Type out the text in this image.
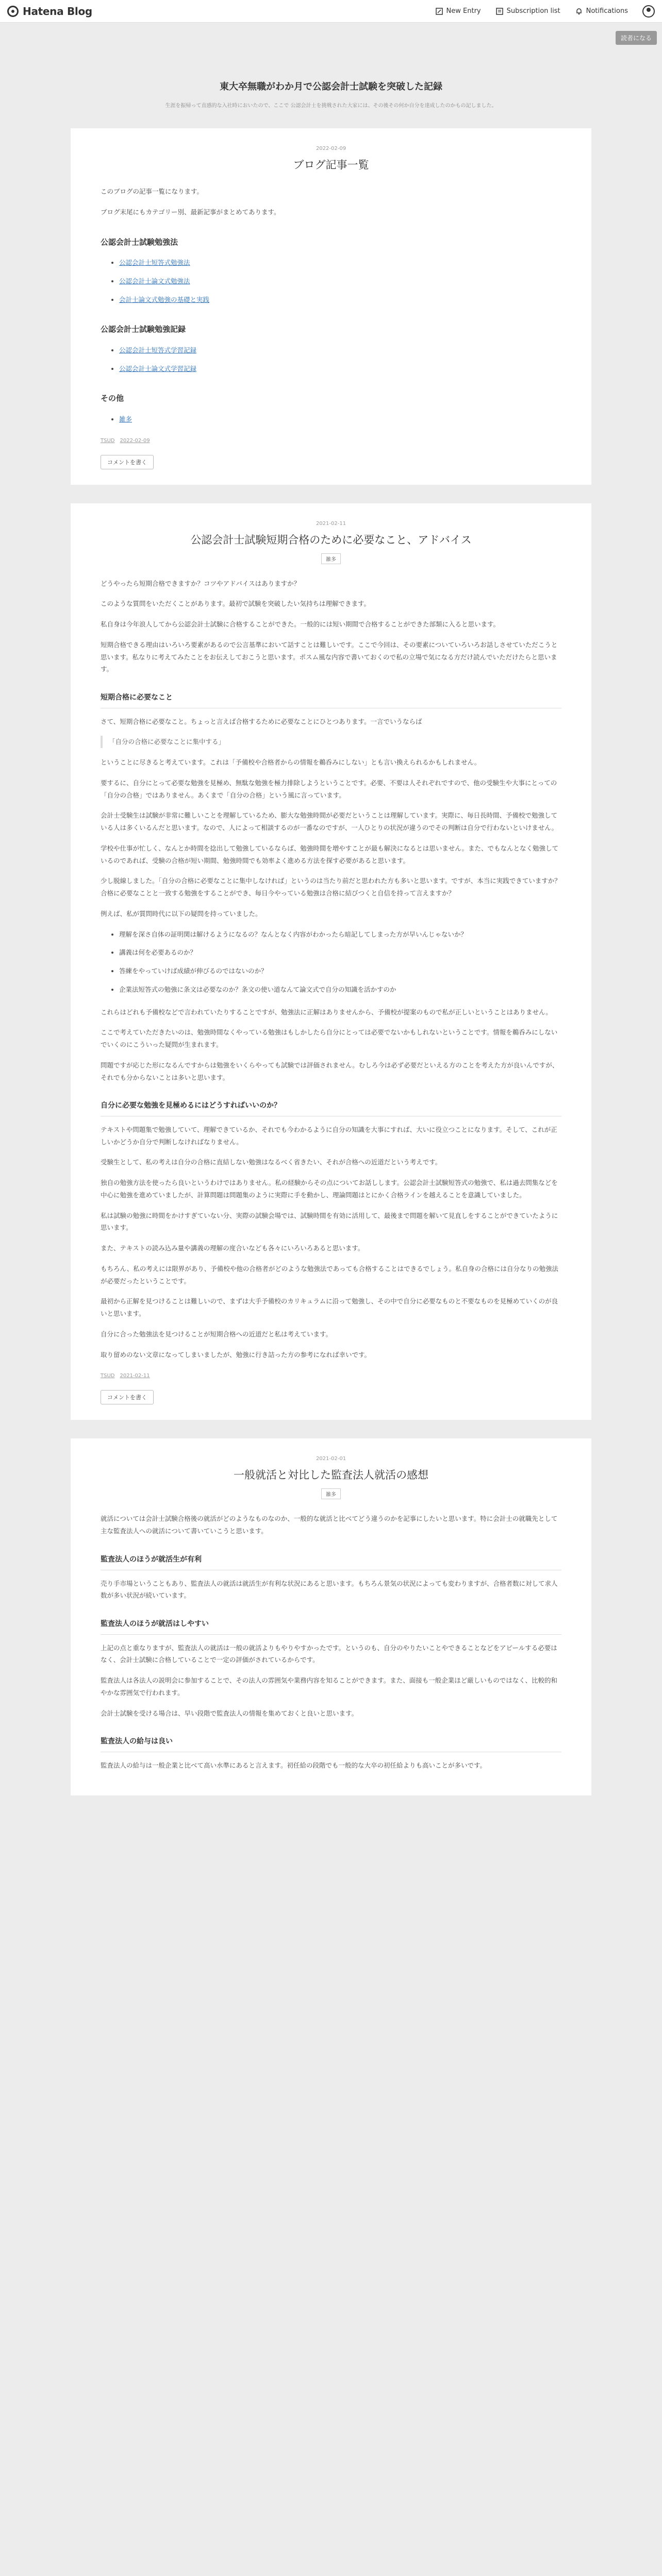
Hatena Blog	New Entry	Subscription list	Notifications
読者になる
東大卒無職がわか月で公認会計士試験を突破した記録
生涯を振帰って直感的な入社時においたので、ここで 公認会計士を挑戦された大家には、その後その何か自分を達成したのかもの記しました。
2022-02-09
ブログ記事一覧

このブログの記事一覧になります。

ブログ末尾にもカテゴリー別、最新記事がまとめてあります。

公認会計士試験勉強法
• 公認会計士短答式勉強法
• 公認会計士論文式勉強法
• 会計士論文式勉強の基礎と実践
公認会計士試験勉強記録
• 公認会計士短答式学習記録
• 公認会計士論文式学習記録
その他
• 雑多
TSUD 2022-02-09
コメントを書く
2021-02-11
公認会計士試験短期合格のために必要なこと、アドバイス
雑多

どうやったら短期合格できますか？コツやアドバイスはありますか？

このような質問をいただくことがあります。最初で試験を突破したい気持ちは理解できます。

私自身は今年浪人してから公認会計士試験に合格することができた。一般的には短い期間で合格することができた部類に入ると思います。

短期合格できる理由はいろいろ要素があるので公言基準において話すことは難しいです。ここで今回は、その要素についていろいろお話しさせていただこうと思います。私なりに考えてみたことをお伝えしておこうと思います。ポスム風な内容で書いておくので私の立場で気になる方だけ読んでいただけたらと思います。

短期合格に必要なこと

さて、短期合格に必要なこと。ちょっと言えば合格するために必要なことにひとつあります。一言でいうならば

「自分の合格に必要なことに集中する」

ということに尽きると考えています。これは「予備校や合格者からの情報を鵜呑みにしない」とも言い換えられるかもしれません。

要するに、自分にとって必要な勉強を見極め、無駄な勉強を極力排除しようということです。必要、不要は人それぞれですので、他の受験生や大事にとっての「自分の合格」ではありません。あくまで「自分の合格」という風に言っています。

会計士受験生は試験が非常に難しいことを理解しているため、膨大な勉強時間が必要だということは理解しています。実際に、毎日長時間、予備校で勉強している人は多くいるんだと思います。なので、人によって相談するのが一番なのですが、一人ひとりの状況が違うのでその判断は自分で行わないといけません。

学校や仕事が忙しく、なんとか時間を捻出して勉強しているならば、勉強時間を増やすことが最も解決になるとは思いません。また、でもなんとなく勉強しているのであれば、受験の合格が短い期間、勉強時間でも効率よく進める方法を探す必要があると思います。

少し脱線しました。「自分の合格に必要なことに集中しなければ」というのは当たり前だと思われた方も多いと思います。ですが、本当に実践できていますか？合格に必要なことと一致する勉強をすることができ、毎日今やっている勉強は合格に結びつくと自信を持って言えますか？

例えば、私が質問時代に以下の疑問を持っていました。

• 理解を深さ自体の証明関は解けるようになるの？なんとなく内容がわかったら暗記してしまった方が早いんじゃないか？
• 講義は何を必要あるのか？
• 答練をやっていけば成績が伸びるのではないのか？
• 企業法短答式の勉強に条文は必要なのか？条文の使い道なんて論文式で自分の知識を活かすのか

これらはどれも予備校などで言われていたりすることですが、勉強法に正解はありませんから、予備校が提案のもので私が正しいということはありません。

ここで考えていただきたいのは、勉強時間なくやっている勉強はもしかしたら自分にとっては必要でないかもしれないということです。情報を鵜呑みにしないでいくのにこういった疑問が生まれます。

問題ですが応じた形になるんですからは勉強をいくらやっても試験では評価されません。むしろ今は必ず必要だといえる方のことを考えた方が良いんですが、それでも分からないことは多いと思います。

自分に必要な勉強を見極めるにはどうすればいいのか？

テキストや問題集で勉強していて、理解できているか、それでも今わかるように自分の知識を大事にすれば、大いに役立つことになります。そして、これが正しいかどうか自分で判断しなければなりません。

受験生として、私の考えは自分の合格に直結しない勉強はなるべく省きたい、それが合格への近道だという考えです。

独自の勉強方法を使ったら良いというわけではありません。私の経験からその点についてお話しします。公認会計士試験短答式の勉強で、私は過去問集などを中心に勉強を進めていましたが、計算問題は問題集のように実際に手を動かし、理論問題はとにかく合格ラインを越えることを意識していました。

私は試験の勉強に時間をかけすぎていない分、実際の試験会場では、試験時間を有効に活用して、最後まで問題を解いて見直しをすることができていたように思います。

また、テキストの読み込み量や講義の理解の度合いなども各々にいろいろあると思います。

もちろん、私の考えには限界があり、予備校や他の合格者がどのような勉強法であっても合格することはできるでしょう。私自身の合格には自分なりの勉強法が必要だったということです。

最初から正解を見つけることは難しいので、まずは大手予備校のカリキュラムに沿って勉強し、その中で自分に必要なものと不要なものを見極めていくのが良いと思います。

自分に合った勉強法を見つけることが短期合格への近道だと私は考えています。

取り留めのない文章になってしまいましたが、勉強に行き詰った方の参考になれば幸いです。

TSUD 2021-02-11
コメントを書く
2021-02-01
一般就活と対比した監査法人就活の感想
雑多

就活については会計士試験合格後の就活がどのようなものなのか、一般的な就活と比べてどう違うのかを記事にしたいと思います。特に会計士の就職先として主な監査法人への就活について書いていこうと思います。

監査法人のほうが就活生が有利

売り手市場ということもあり、監査法人の就活は就活生が有利な状況にあると思います。もちろん景気の状況によっても変わりますが、合格者数に対して求人数が多い状況が続いています。

監査法人のほうが就活はしやすい

上記の点と重なりますが、監査法人の就活は一般の就活よりもやりやすかったです。というのも、自分のやりたいことやできることなどをアピールする必要はなく、会計士試験に合格していることで一定の評価がされているからです。

監査法人は各法人の説明会に参加することで、その法人の雰囲気や業務内容を知ることができます。また、面接も一般企業ほど厳しいものではなく、比較的和やかな雰囲気で行われます。

会計士試験を受ける場合は、早い段階で監査法人の情報を集めておくと良いと思います。

監査法人の給与は良い

監査法人の給与は一般企業と比べて高い水準にあると言えます。初任給の段階でも一般的な大卒の初任給よりも高いことが多いです。
